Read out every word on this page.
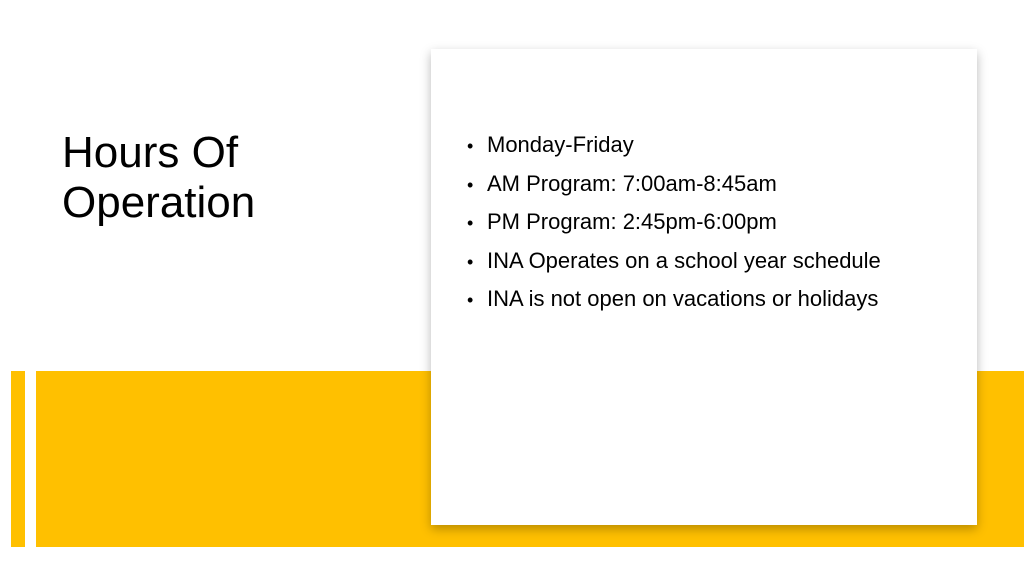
Hours Of
Operation
• Monday-Friday
• AM Program: 7:00am-8:45am
• PM Program: 2:45pm-6:00pm
• INA Operates on a school year schedule
• INA is not open on vacations or holidays
